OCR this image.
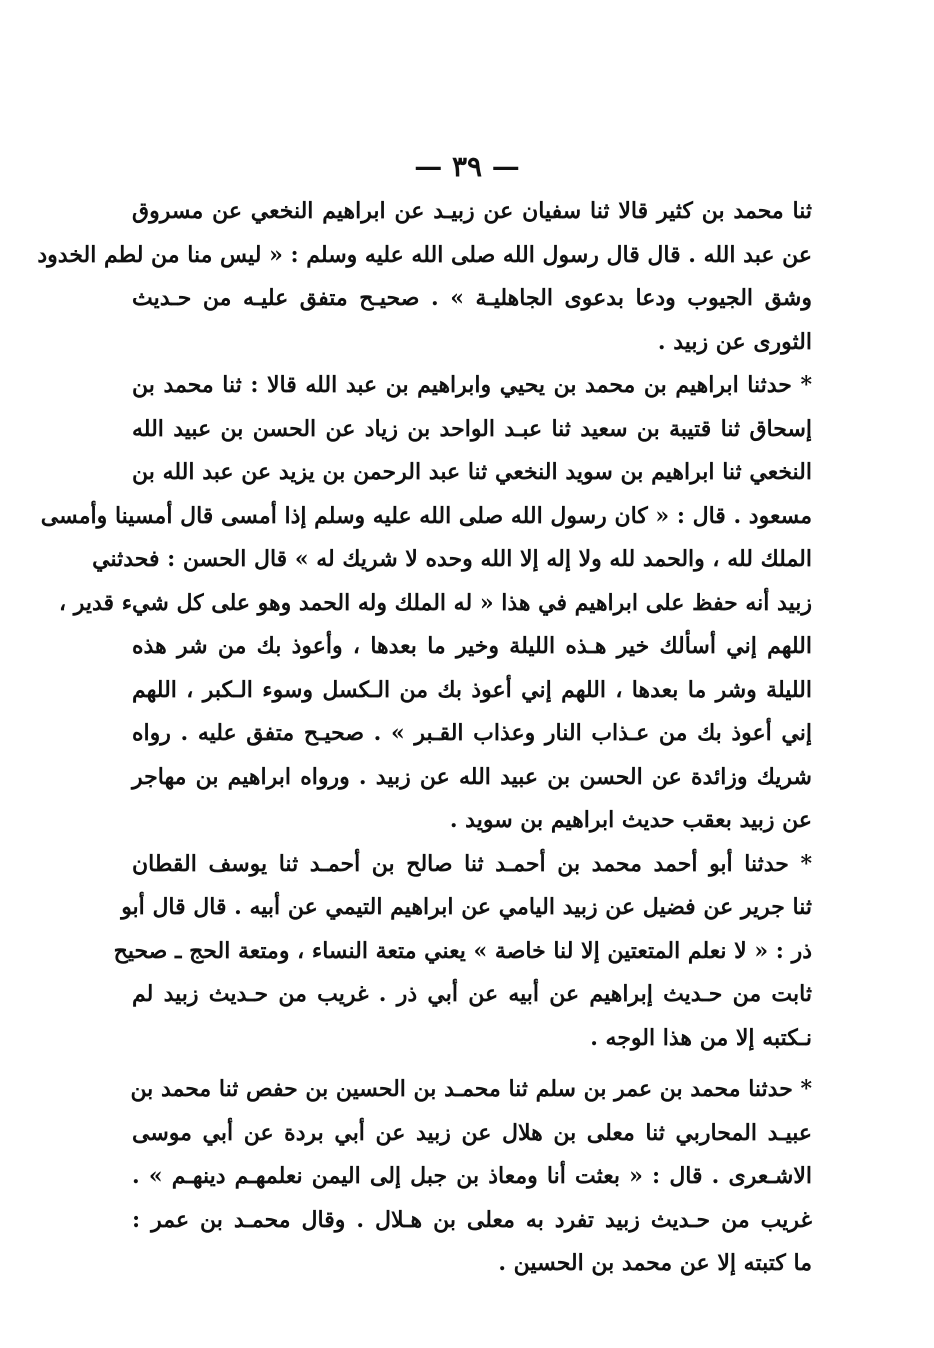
— ٣٩ —
ثنا محمد بن كثير قالا ثنا سفيان عن زبيـد عن ابراهيم النخعي عن مسروق
عن عبد الله . قال قال رسول الله صلى الله عليه وسلم : « ليس منا من لطم الخدود
وشق الجيوب ودعا بدعوى الجاهليـة » . صحيـح متفق عليـه من حـديث
الثورى عن زبيد .
* حدثنا ابراهيم بن محمد بن يحيي وابراهيم بن عبد الله قالا : ثنا محمد بن
إسحاق ثنا قتيبة بن سعيد ثنا عبـد الواحد بن زياد عن الحسن بن عبيد الله
النخعي ثنا ابراهيم بن سويد النخعي ثنا عبد الرحمن بن يزيد عن عبد الله بن
مسعود . قال : « كان رسول الله صلى الله عليه وسلم إذا أمسى قال أمسينا وأمسى
الملك لله ، والحمد لله ولا إله إلا الله وحده لا شريك له » قال الحسن : فحدثني
زبيد أنه حفظ على ابراهيم في هذا « له الملك وله الحمد وهو على كل شيء قدير ،
اللهم إني أسألك خير هـذه الليلة وخير ما بعدها ، وأعوذ بك من شر هذه
الليلة وشر ما بعدها ، اللهم إني أعوذ بك من الـكسل وسوء الـكبر ، اللهم
إني أعوذ بك من عـذاب النار وعذاب القـبر » . صحيـح متفق عليه . رواه
شريك وزائدة عن الحسن بن عبيد الله عن زبيد . ورواه ابراهيم بن مهاجر
عن زبيد بعقب حديث ابراهيم بن سويد .
* حدثنا أبو أحمد محمد بن أحمـد ثنا صالح بن أحمـد ثنا يوسف القطان
ثنا جرير عن فضيل عن زبيد اليامي عن ابراهيم التيمي عن أبيه . قال قال أبو
ذر : « لا نعلم المتعتين إلا لنا خاصة » يعني متعة النساء ، ومتعة الحج ـ صحيح
ثابت من حـديث إبراهيم عن أبيه عن أبي ذر . غريب من حـديث زبيد لم
نـكتبه إلا من هذا الوجه .
* حدثنا محمد بن عمر بن سلم ثنا محمـد بن الحسين بن حفص ثنا محمد بن
عبيـد المحاربي ثنا معلى بن هلال عن زبيد عن أبي بردة عن أبي موسى
الاشـعرى . قال : « بعثت أنا ومعاذ بن جبل إلى اليمن نعلمهـم دينهـم » .
غريب من حـديث زبيد تفرد به معلى بن هـلال . وقال محمـد بن عمر :
ما كتبته إلا عن محمد بن الحسين .
